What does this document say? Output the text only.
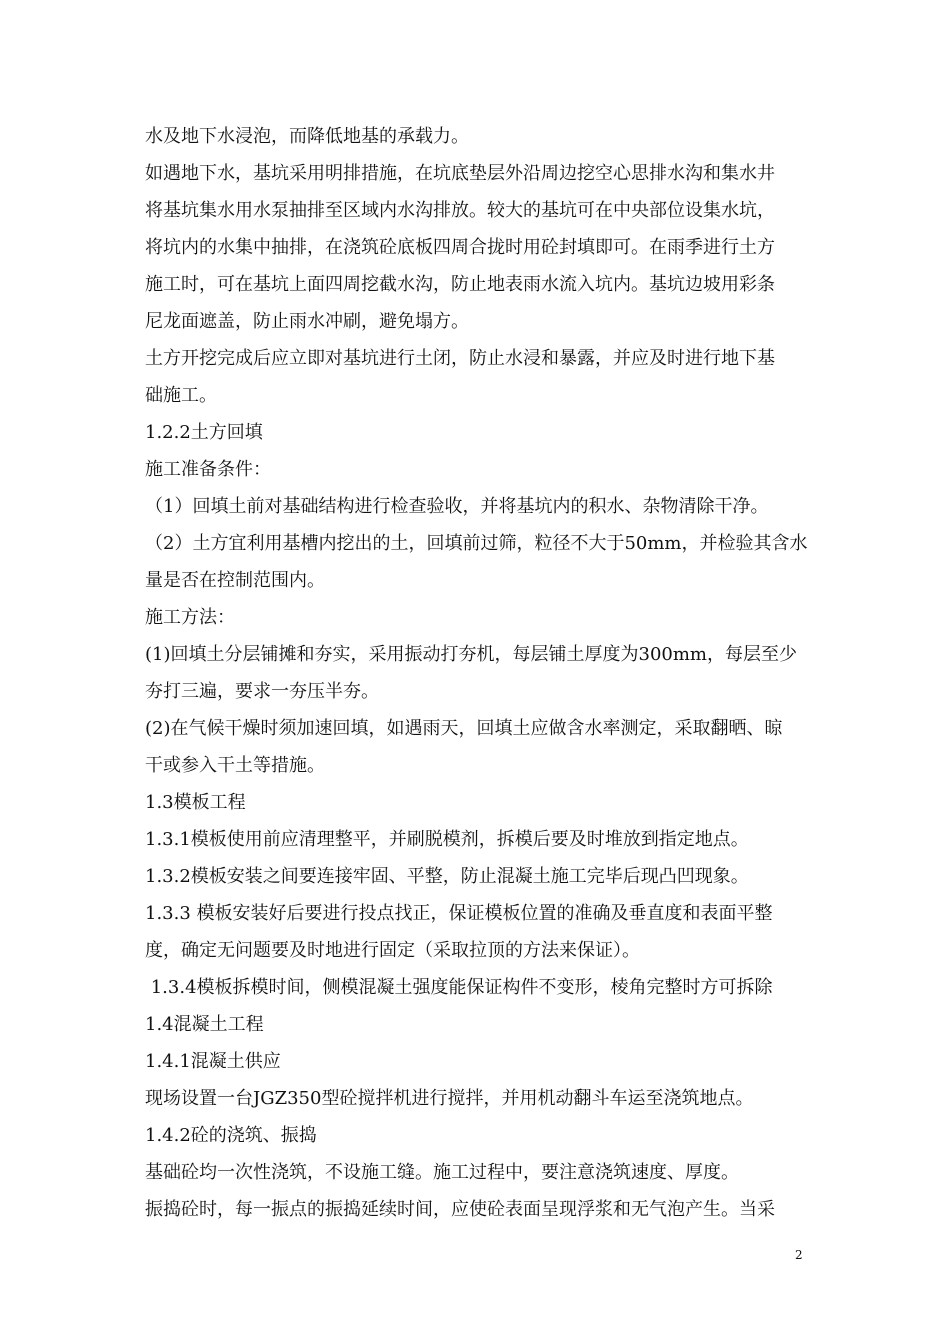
水及地下水浸泡，而降低地基的承载力。
如遇地下水，基坑采用明排措施，在坑底垫层外沿周边挖空心思排水沟和集水井
将基坑集水用水泵抽排至区域内水沟排放。较大的基坑可在中央部位设集水坑，
将坑内的水集中抽排，在浇筑砼底板四周合拢时用砼封填即可。在雨季进行土方
施工时，可在基坑上面四周挖截水沟，防止地表雨水流入坑内。基坑边坡用彩条
尼龙面遮盖，防止雨水冲刷，避免塌方。
土方开挖完成后应立即对基坑进行土闭，防止水浸和暴露，并应及时进行地下基
础施工。
1.2.2土方回填
施工准备条件：
（1）回填土前对基础结构进行检查验收，并将基坑内的积水、杂物清除干净。
（2）土方宜利用基槽内挖出的土，回填前过筛，粒径不大于50mm，并检验其含水
量是否在控制范围内。
施工方法：
(1)回填土分层铺摊和夯实，采用振动打夯机，每层铺土厚度为300mm，每层至少
夯打三遍，要求一夯压半夯。
(2)在气候干燥时须加速回填，如遇雨天，回填土应做含水率测定，采取翻晒、晾
干或参入干土等措施。
1.3模板工程
1.3.1模板使用前应清理整平，并刷脱模剂，拆模后要及时堆放到指定地点。
1.3.2模板安装之间要连接牢固、平整，防止混凝土施工完毕后现凸凹现象。
1.3.3 模板安装好后要进行投点找正，保证模板位置的准确及垂直度和表面平整
度，确定无问题要及时地进行固定（采取拉顶的方法来保证）。
1.3.4模板拆模时间，侧模混凝土强度能保证构件不变形，棱角完整时方可拆除
1.4混凝土工程
1.4.1混凝土供应
现场设置一台JGZ350型砼搅拌机进行搅拌，并用机动翻斗车运至浇筑地点。
1.4.2砼的浇筑、振捣
基础砼均一次性浇筑，不设施工缝。施工过程中，要注意浇筑速度、厚度。
振捣砼时，每一振点的振捣延续时间，应使砼表面呈现浮浆和无气泡产生。当采
2
